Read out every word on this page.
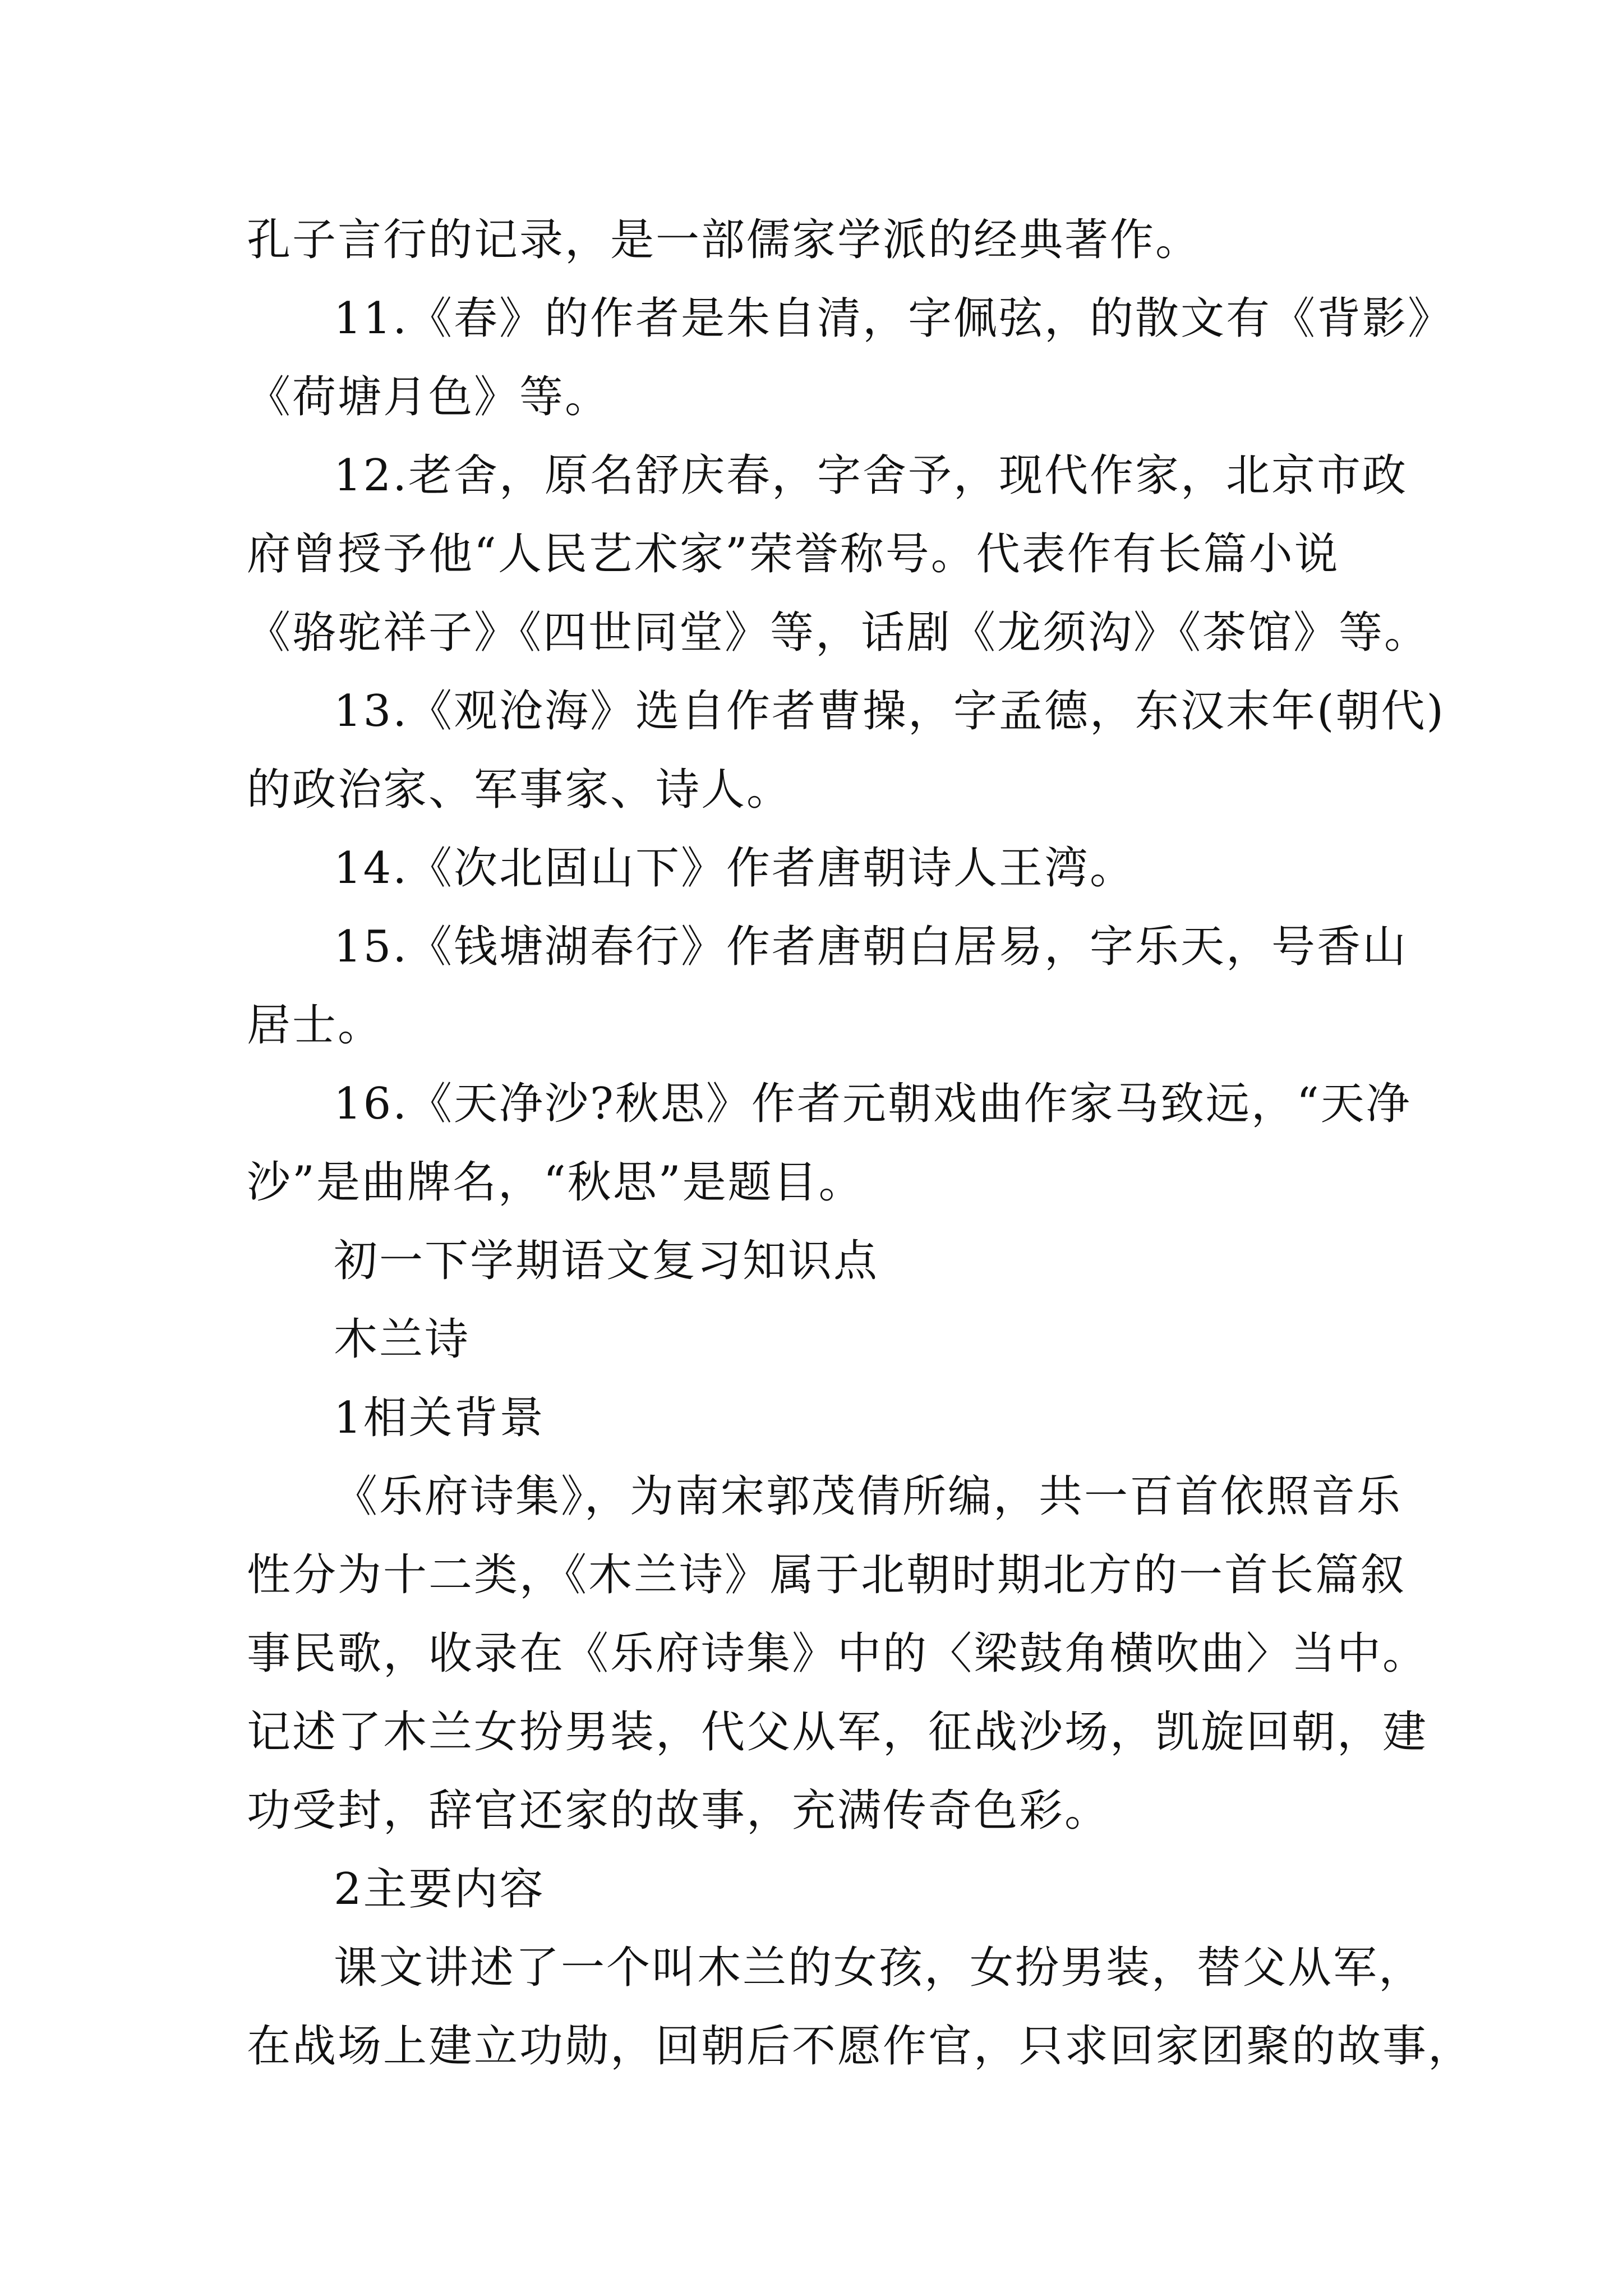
孔子言行的记录，是一部儒家学派的经典著作。
11.《春》的作者是朱自清，字佩弦，的散文有《背影》
《荷塘月色》等。
12.老舍，原名舒庆春，字舍予，现代作家，北京市政
府曾授予他“人民艺术家”荣誉称号。代表作有长篇小说
《骆驼祥子》《四世同堂》等，话剧《龙须沟》《茶馆》等。
13.《观沧海》选自作者曹操，字孟德，东汉末年(朝代)
的政治家、军事家、诗人。
14.《次北固山下》作者唐朝诗人王湾。
15.《钱塘湖春行》作者唐朝白居易，字乐天，号香山
居士。
16.《天净沙?秋思》作者元朝戏曲作家马致远，“天净
沙”是曲牌名，“秋思”是题目。
初一下学期语文复习知识点
木兰诗
1相关背景
《乐府诗集》，为南宋郭茂倩所编，共一百首依照音乐
性分为十二类，《木兰诗》属于北朝时期北方的一首长篇叙
事民歌，收录在《乐府诗集》中的〈梁鼓角横吹曲〉当中。
记述了木兰女扮男装，代父从军，征战沙场，凯旋回朝，建
功受封，辞官还家的故事，充满传奇色彩。
2主要内容
课文讲述了一个叫木兰的女孩，女扮男装，替父从军，
在战场上建立功勋，回朝后不愿作官，只求回家团聚的故事，
